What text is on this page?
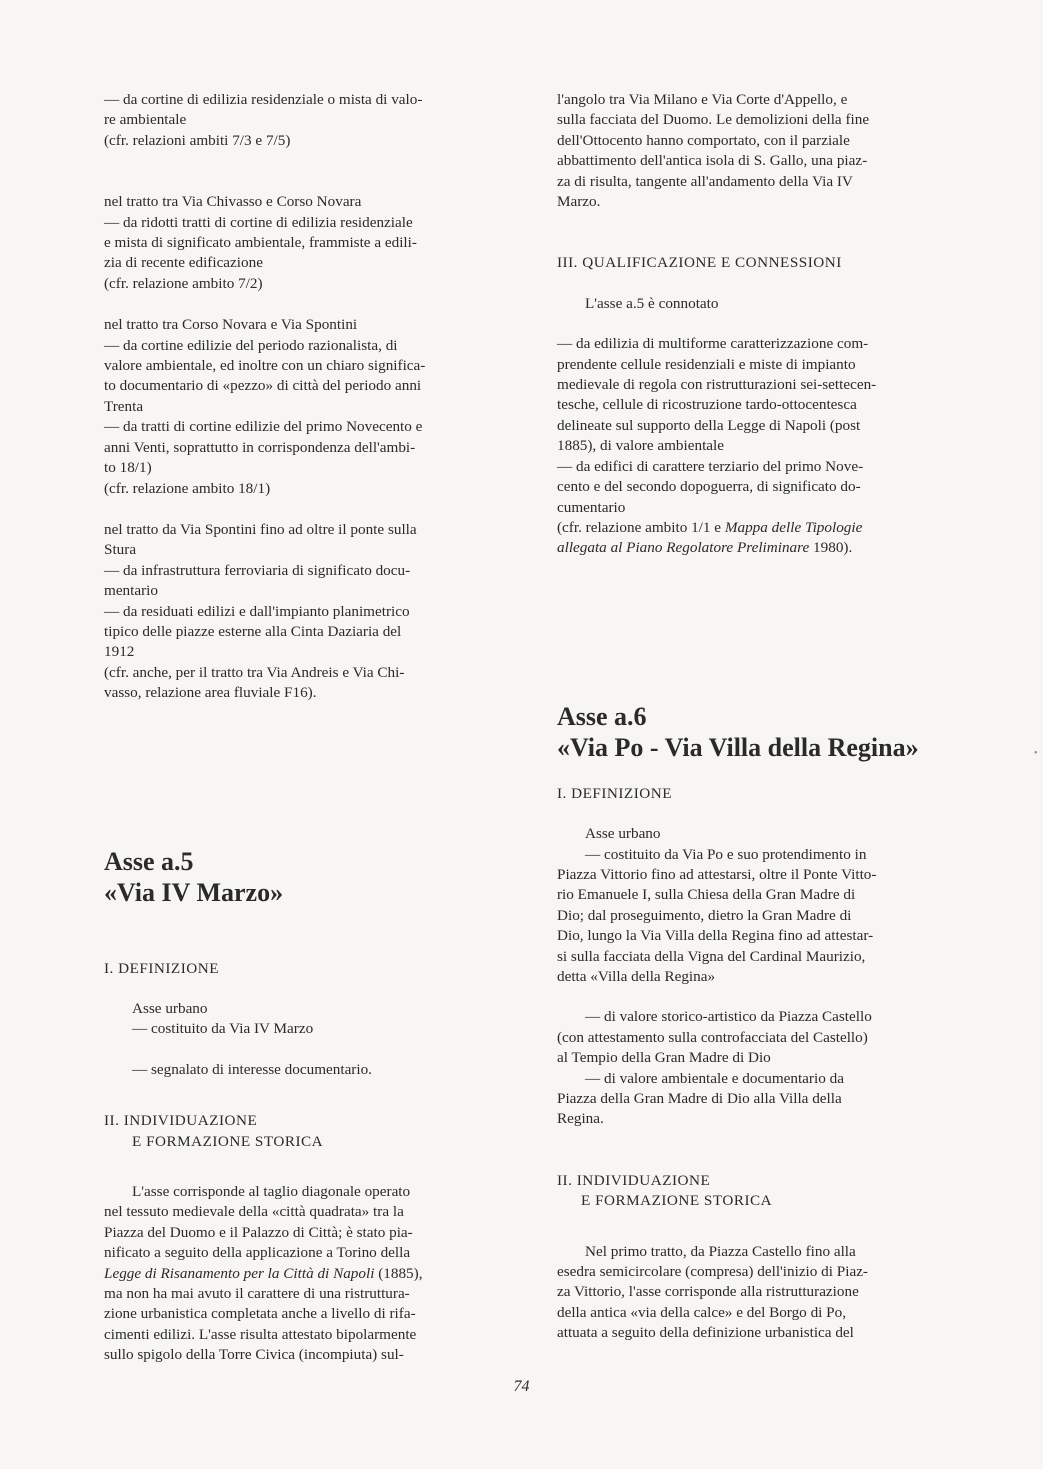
— da cortine di edilizia residenziale o mista di valo-

re ambientale

(cfr. relazioni ambiti 7/3 e 7/5)

nel tratto tra Via Chivasso e Corso Novara

— da ridotti tratti di cortine di edilizia residenziale

e mista di significato ambientale, frammiste a edili-

zia di recente edificazione

(cfr. relazione ambito 7/2)

nel tratto tra Corso Novara e Via Spontini

— da cortine edilizie del periodo razionalista, di

valore ambientale, ed inoltre con un chiaro significa-

to documentario di «pezzo» di città del periodo anni

Trenta

— da tratti di cortine edilizie del primo Novecento e

anni Venti, soprattutto in corrispondenza dell'ambi-

to 18/1)

(cfr. relazione ambito 18/1)

nel tratto da Via Spontini fino ad oltre il ponte sulla

Stura

— da infrastruttura ferroviaria di significato docu-

mentario

— da residuati edilizi e dall'impianto planimetrico

tipico delle piazze esterne alla Cinta Daziaria del

1912

(cfr. anche, per il tratto tra Via Andreis e Via Chi-

vasso, relazione area fluviale F16).

Asse a.5
«Via IV Marzo»

I. DEFINIZIONE

Asse urbano

— costituito da Via IV Marzo

— segnalato di interesse documentario.

II. INDIVIDUAZIONE

E FORMAZIONE STORICA

L'asse corrisponde al taglio diagonale operato

nel tessuto medievale della «città quadrata» tra la

Piazza del Duomo e il Palazzo di Città; è stato pia-

nificato a seguito della applicazione a Torino della

Legge di Risanamento per la Città di Napoli (1885),

ma non ha mai avuto il carattere di una ristruttura-

zione urbanistica completata anche a livello di rifa-

cimenti edilizi. L'asse risulta attestato bipolarmente

sullo spigolo della Torre Civica (incompiuta) sul-

l'angolo tra Via Milano e Via Corte d'Appello, e

sulla facciata del Duomo. Le demolizioni della fine

dell'Ottocento hanno comportato, con il parziale

abbattimento dell'antica isola di S. Gallo, una piaz-

za di risulta, tangente all'andamento della Via IV

Marzo.

III. QUALIFICAZIONE E CONNESSIONI

L'asse a.5 è connotato

— da edilizia di multiforme caratterizzazione com-

prendente cellule residenziali e miste di impianto

medievale di regola con ristrutturazioni sei-settecen-

tesche, cellule di ricostruzione tardo-ottocentesca

delineate sul supporto della Legge di Napoli (post

1885), di valore ambientale

— da edifici di carattere terziario del primo Nove-

cento e del secondo dopoguerra, di significato do-

cumentario

(cfr. relazione ambito 1/1 e Mappa delle Tipologie

allegata al Piano Regolatore Preliminare 1980).

Asse a.6
«Via Po - Via Villa della Regina»

I. DEFINIZIONE

Asse urbano

— costituito da Via Po e suo protendimento in

Piazza Vittorio fino ad attestarsi, oltre il Ponte Vitto-

rio Emanuele I, sulla Chiesa della Gran Madre di

Dio; dal proseguimento, dietro la Gran Madre di

Dio, lungo la Via Villa della Regina fino ad attestar-

si sulla facciata della Vigna del Cardinal Maurizio,

detta «Villa della Regina»

— di valore storico-artistico da Piazza Castello

(con attestamento sulla controfacciata del Castello)

al Tempio della Gran Madre di Dio

— di valore ambientale e documentario da

Piazza della Gran Madre di Dio alla Villa della

Regina.

II. INDIVIDUAZIONE

E FORMAZIONE STORICA

Nel primo tratto, da Piazza Castello fino alla

esedra semicircolare (compresa) dell'inizio di Piaz-

za Vittorio, l'asse corrisponde alla ristrutturazione

della antica «via della calce» e del Borgo di Po,

attuata a seguito della definizione urbanistica del

74
•
